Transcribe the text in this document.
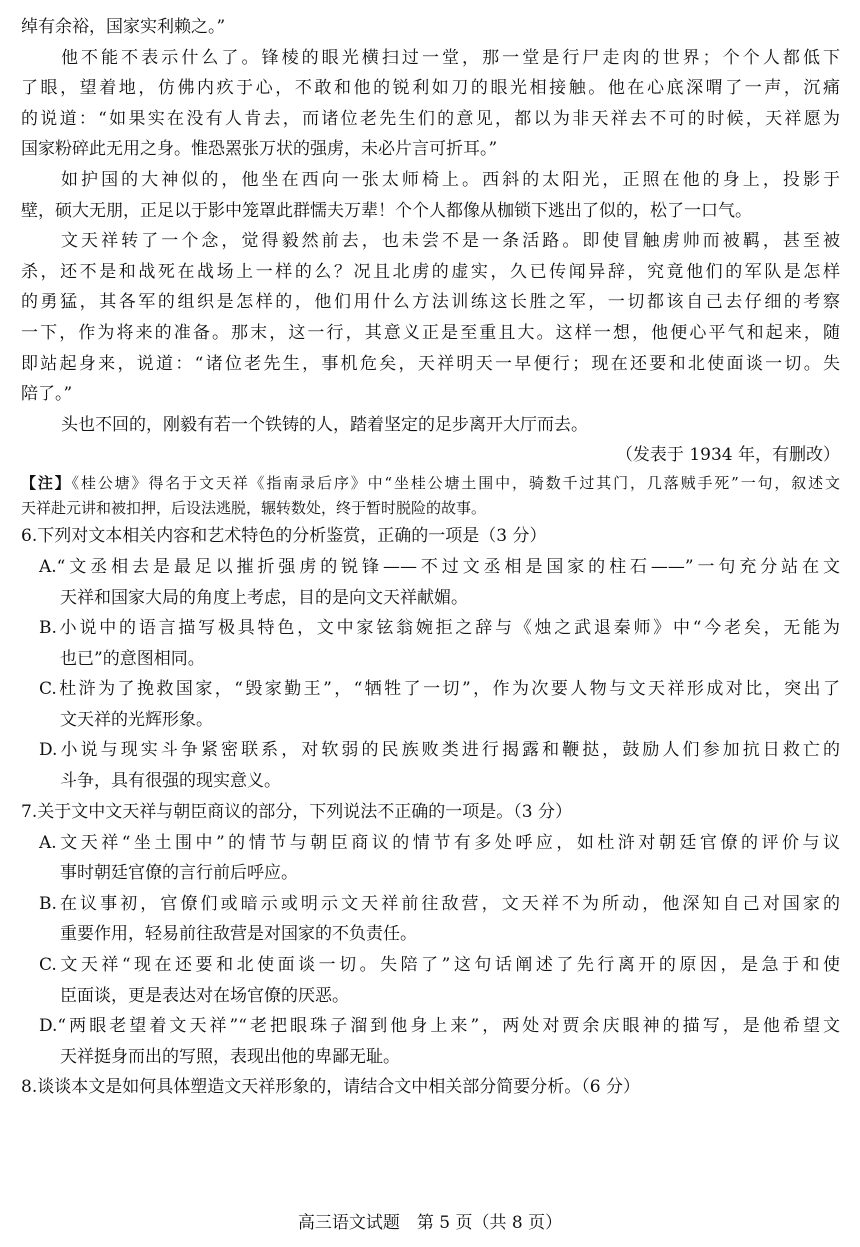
绰有余裕，国家实利赖之。”
他不能不表示什么了。锋棱的眼光横扫过一堂，那一堂是行尸走肉的世界；个个人都低下
了眼，望着地，仿佛内疚于心，不敢和他的锐利如刀的眼光相接触。他在心底深喟了一声，沉痛
的说道：“如果实在没有人肯去，而诸位老先生们的意见，都以为非天祥去不可的时候，天祥愿为
国家粉碎此无用之身。惟恐罴张万状的强虏，未必片言可折耳。”
如护国的大神似的，他坐在西向一张太师椅上。西斜的太阳光，正照在他的身上，投影于
壁，硕大无朋，正足以于影中笼罩此群懦夫万辈！个个人都像从枷锁下逃出了似的，松了一口气。
文天祥转了一个念，觉得毅然前去，也未尝不是一条活路。即使冒触虏帅而被羁，甚至被
杀，还不是和战死在战场上一样的么？况且北虏的虚实，久已传闻异辞，究竟他们的军队是怎样
的勇猛，其各军的组织是怎样的，他们用什么方法训练这长胜之军，一切都该自己去仔细的考察
一下，作为将来的准备。那末，这一行，其意义正是至重且大。这样一想，他便心平气和起来，随
即站起身来，说道：“诸位老先生，事机危矣，天祥明天一早便行；现在还要和北使面谈一切。失
陪了。”
头也不回的，刚毅有若一个铁铸的人，踏着坚定的足步离开大厅而去。
（发表于 1934 年，有删改）
【注】《桂公塘》得名于文天祥《指南录后序》中“坐桂公塘土围中，骑数千过其门，几落贼手死”一句，叙述文
天祥赴元讲和被扣押，后设法逃脱，辗转数处，终于暂时脱险的故事。
6.下列对文本相关内容和艺术特色的分析鉴赏，正确的一项是（3 分）
A.“文丞相去是最足以摧折强虏的锐锋——不过文丞相是国家的柱石——”一句充分站在文
天祥和国家大局的角度上考虑，目的是向文天祥献媚。
B.小说中的语言描写极具特色，文中家铉翁婉拒之辞与《烛之武退秦师》中“今老矣，无能为
也已”的意图相同。
C.杜浒为了挽救国家，“毁家勤王”，“牺牲了一切”，作为次要人物与文天祥形成对比，突出了
文天祥的光辉形象。
D.小说与现实斗争紧密联系，对软弱的民族败类进行揭露和鞭挞，鼓励人们参加抗日救亡的
斗争，具有很强的现实意义。
7.关于文中文天祥与朝臣商议的部分，下列说法不正确的一项是。（3 分）
A.文天祥“坐土围中”的情节与朝臣商议的情节有多处呼应，如杜浒对朝廷官僚的评价与议
事时朝廷官僚的言行前后呼应。
B.在议事初，官僚们或暗示或明示文天祥前往敌营，文天祥不为所动，他深知自己对国家的
重要作用，轻易前往敌营是对国家的不负责任。
C.文天祥“现在还要和北使面谈一切。失陪了”这句话阐述了先行离开的原因，是急于和使
臣面谈，更是表达对在场官僚的厌恶。
D.“两眼老望着文天祥”“老把眼珠子溜到他身上来”，两处对贾余庆眼神的描写，是他希望文
天祥挺身而出的写照，表现出他的卑鄙无耻。
8.谈谈本文是如何具体塑造文天祥形象的，请结合文中相关部分简要分析。（6 分）
高三语文试题　第 5 页（共 8 页）
